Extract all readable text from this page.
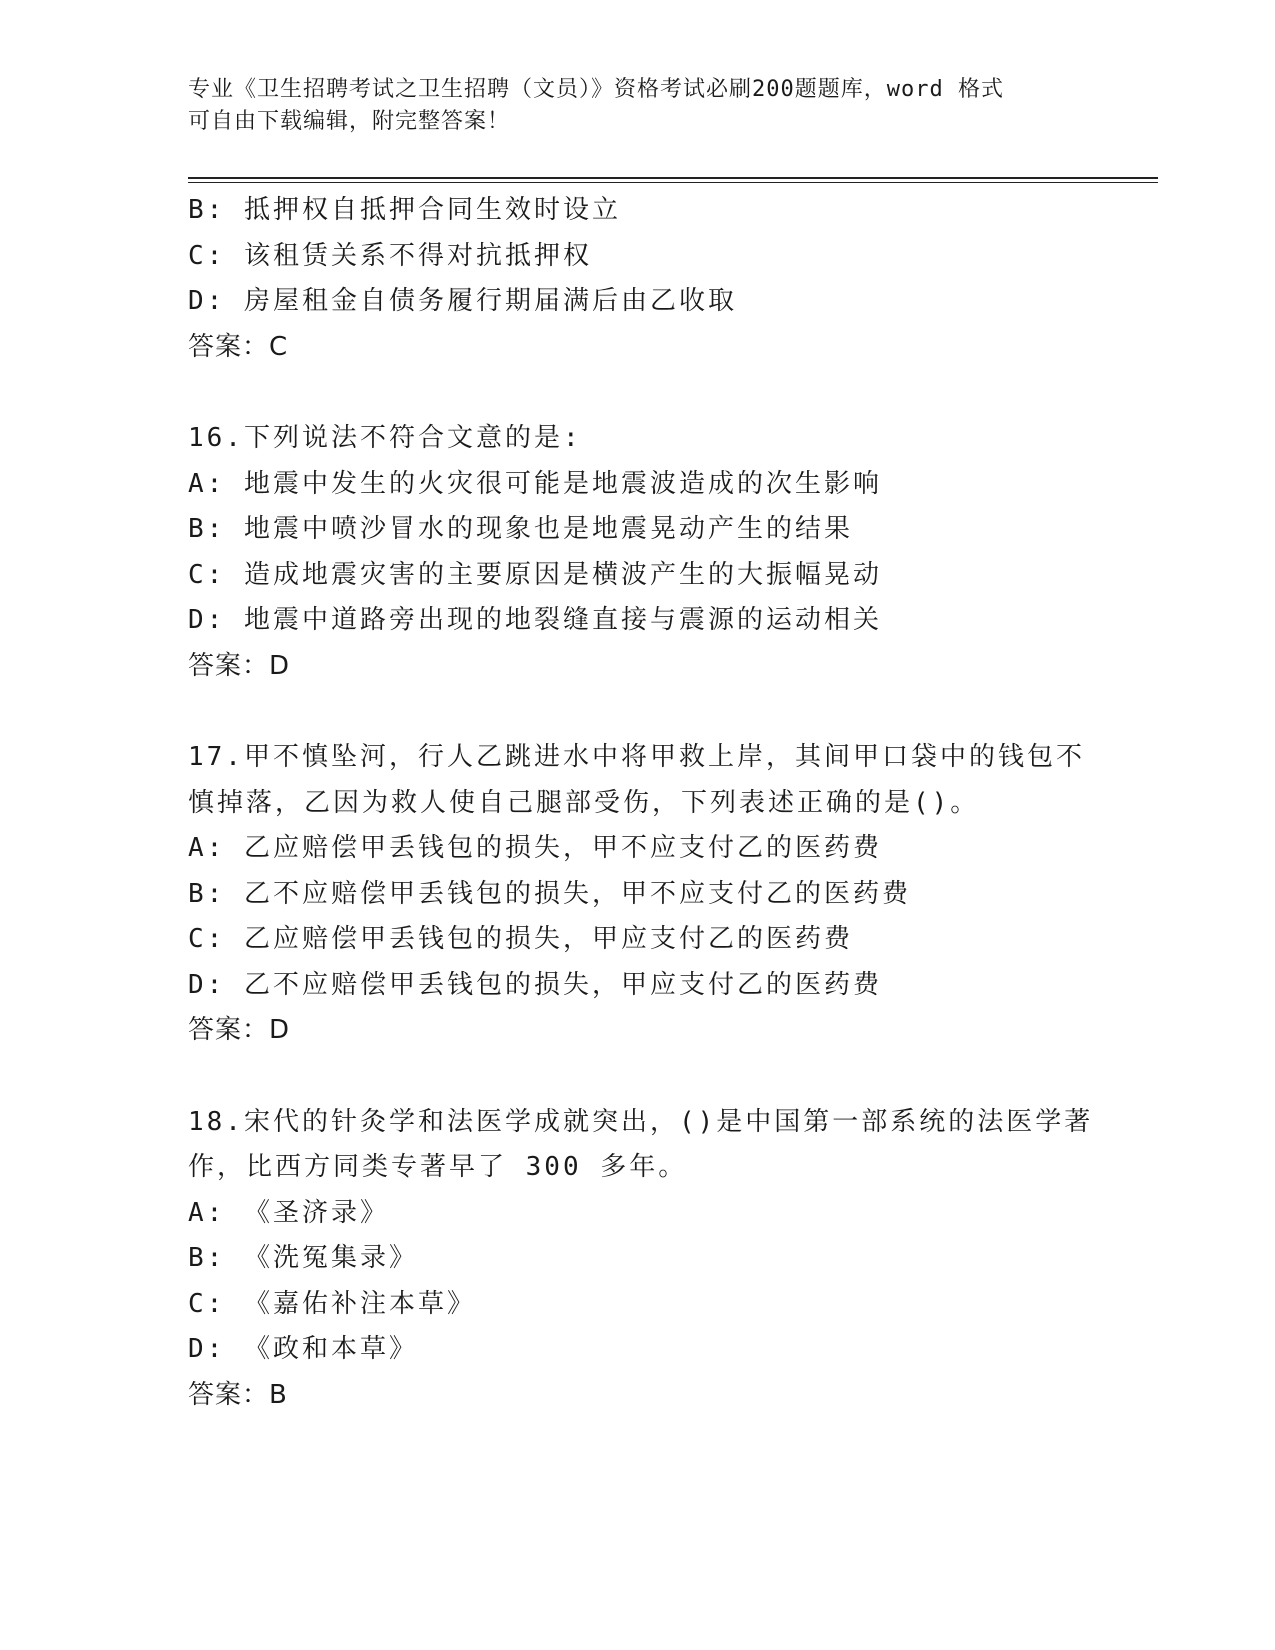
专业《卫生招聘考试之卫生招聘（文员）》资格考试必刷200题题库，word 格式
可自由下载编辑，附完整答案！
B: 抵押权自抵押合同生效时设立
C: 该租赁关系不得对抗抵押权
D: 房屋租金自债务履行期届满后由乙收取
答案：C
16.下列说法不符合文意的是:
A: 地震中发生的火灾很可能是地震波造成的次生影响
B: 地震中喷沙冒水的现象也是地震晃动产生的结果
C: 造成地震灾害的主要原因是横波产生的大振幅晃动
D: 地震中道路旁出现的地裂缝直接与震源的运动相关
答案：D
17.甲不慎坠河，行人乙跳进水中将甲救上岸，其间甲口袋中的钱包不
慎掉落，乙因为救人使自己腿部受伤，下列表述正确的是()。
A: 乙应赔偿甲丢钱包的损失，甲不应支付乙的医药费
B: 乙不应赔偿甲丢钱包的损失，甲不应支付乙的医药费
C: 乙应赔偿甲丢钱包的损失，甲应支付乙的医药费
D: 乙不应赔偿甲丢钱包的损失，甲应支付乙的医药费
答案：D
18.宋代的针灸学和法医学成就突出，()是中国第一部系统的法医学著
作，比西方同类专著早了 300 多年。
A: 《圣济录》
B: 《洗冤集录》
C: 《嘉佑补注本草》
D: 《政和本草》
答案：B
